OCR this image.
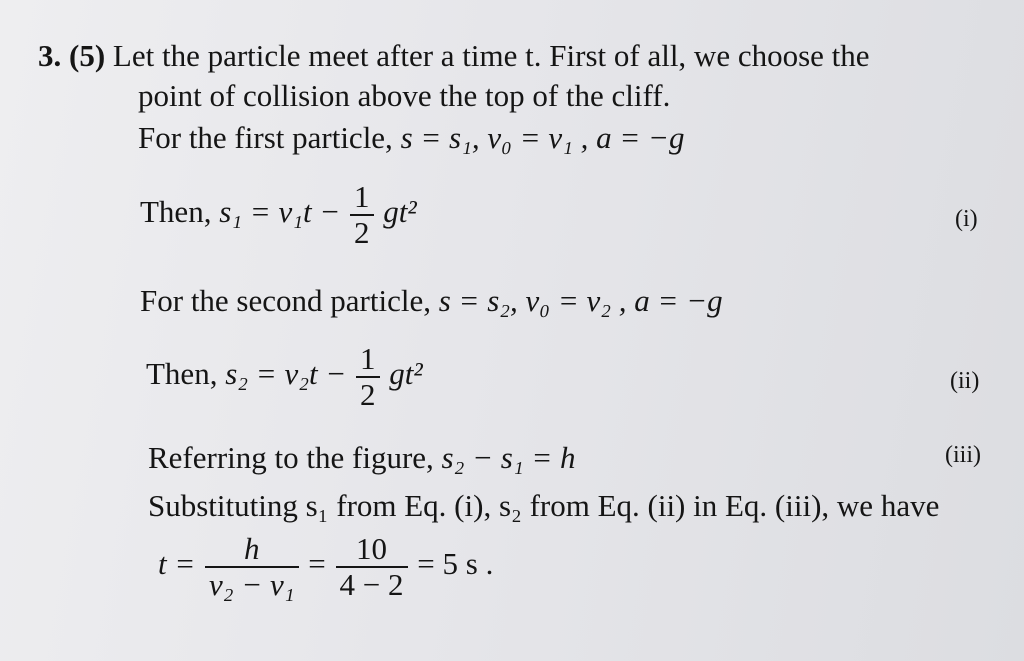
3. (5) Let the particle meet after a time t. First of all, we choose the
point of collision above the top of the cliff.
For the first particle, s = s₁, v₀ = v₁ , a = −g
Then, $s_1 = v_1t - \frac{1}{2} gt^2$	(i)
For the second particle, s = s₂, v₀ = v₂ , a = −g
Then, $s_2 = v_2t - \frac{1}{2} gt^2$	(ii)
Referring to the figure, s₂ − s₁ = h	(iii)
Substituting s₁ from Eq. (i), s₂ from Eq. (ii) in Eq. (iii), we have
$t = \frac{h}{\text{v₂ − v₁}} = \frac{10}{4 - 2} = 5$ s .
